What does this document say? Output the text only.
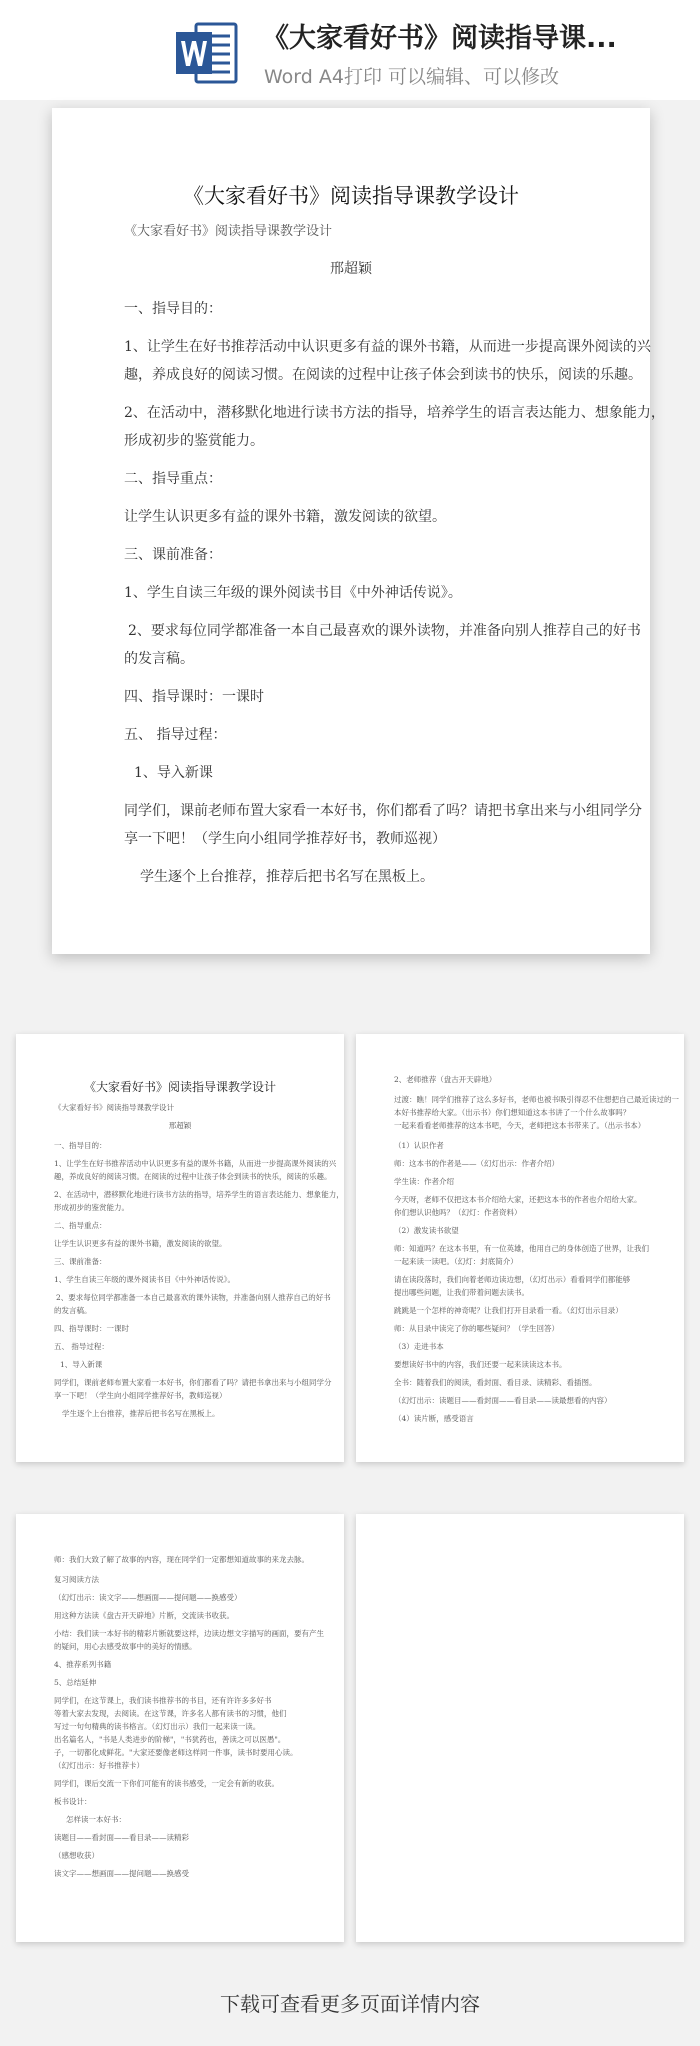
《大家看好书》阅读指导课...
Word A4打印 可以编辑、可以修改
《大家看好书》阅读指导课教学设计
《大家看好书》阅读指导课教学设计
邢超颖
一、指导目的：
1、让学生在好书推荐活动中认识更多有益的课外书籍，从而进一步提高课外阅读的兴
趣，养成良好的阅读习惯。在阅读的过程中让孩子体会到读书的快乐，阅读的乐趣。
2、在活动中，潜移默化地进行读书方法的指导，培养学生的语言表达能力、想象能力，
形成初步的鉴赏能力。
二、指导重点：
让学生认识更多有益的课外书籍，激发阅读的欲望。
三、课前准备：
1、学生自读三年级的课外阅读书目《中外神话传说》。
2、要求每位同学都准备一本自己最喜欢的课外读物，并准备向别人推荐自己的好书
的发言稿。
四、指导课时：一课时
五、 指导过程：
1、导入新课
同学们，课前老师布置大家看一本好书，你们都看了吗？请把书拿出来与小组同学分
享一下吧！（学生向小组同学推荐好书，教师巡视）
学生逐个上台推荐，推荐后把书名写在黑板上。
《大家看好书》阅读指导课教学设计
《大家看好书》阅读指导课教学设计
邢超颖
一、指导目的：
1、让学生在好书推荐活动中认识更多有益的课外书籍，从而进一步提高课外阅读的兴
趣，养成良好的阅读习惯。在阅读的过程中让孩子体会到读书的快乐，阅读的乐趣。
2、在活动中，潜移默化地进行读书方法的指导，培养学生的语言表达能力、想象能力，
形成初步的鉴赏能力。
二、指导重点：
让学生认识更多有益的课外书籍，激发阅读的欲望。
三、课前准备：
1、学生自读三年级的课外阅读书目《中外神话传说》。
2、要求每位同学都准备一本自己最喜欢的课外读物，并准备向别人推荐自己的好书
的发言稿。
四、指导课时：一课时
五、 指导过程：
1、导入新课
同学们，课前老师布置大家看一本好书，你们都看了吗？请把书拿出来与小组同学分
享一下吧！（学生向小组同学推荐好书，教师巡视）
学生逐个上台推荐，推荐后把书名写在黑板上。
2、老师推荐（盘古开天辟地）
过渡：瞧！同学们推荐了这么多好书，老师也被书吸引得忍不住想把自己最近读过的一
本好书推荐给大家。（出示书）你们想知道这本书讲了一个什么故事吗？
一起来看看老师推荐的这本书吧，今天，老师把这本书带来了。（出示书本）
（1）认识作者
师：这本书的作者是——（幻灯出示：作者介绍）
学生读：作者介绍
今天呀，老师不仅把这本书介绍给大家，还把这本书的作者也介绍给大家。
你们想认识他吗？（幻灯：作者资料）
（2）激发读书欲望
师：知道吗？在这本书里，有一位英雄，他用自己的身体创造了世界，让我们
一起来读一读吧。（幻灯：封底简介）
请在读段落时，我们向着老师边读边想，（幻灯出示）看看同学们都能够
提出哪些问题，让我们带着问题去读书。
跳跳是一个怎样的神奇呢？让我们打开目录看一看。（幻灯出示目录）
师：从目录中读完了你的哪些疑问？（学生回答）
（3）走进书本
要想读好书中的内容，我们还要一起来读读这本书。
全书：随着我们的阅读，看封面、看目录、读精彩、看插图。
（幻灯出示：读题目——看封面——看目录——读最想看的内容）
（4）读片断，感受语言
师：我们大致了解了故事的内容，现在同学们一定都想知道故事的来龙去脉。
复习阅读方法
（幻灯出示：读文字——想画面——提问题——换感受）
用这种方法读《盘古开天辟地》片断，交流读书收获。
小结：我们读一本好书的精彩片断就要这样，边读边想文字描写的画面，要有产生
的疑问，用心去感受故事中的美好的情感。
4、推荐系列书籍
5、总结延伸
同学们，在这节课上，我们读书推荐书的书目，还有许许多多好书
等着大家去发现，去阅读。在这节课，许多名人都有读书的习惯，他们
写过一句句精典的读书格言。（幻灯出示）我们一起来读一读。
出名篇名人，"书是人类进步的阶梯"，"书犹药也，善读之可以医愚"。
子，一切都化成鲜花。"大家还要像老师这样同一件事，读书时要用心读。
（幻灯出示：好书推荐卡）
同学们，课后交流一下你们可能有的读书感受，一定会有新的收获。
板书设计：
怎样读一本好书：
读题目——看封面——看目录——读精彩
（感想收获）
读文字——想画面——提问题——换感受
下载可查看更多页面详情内容
